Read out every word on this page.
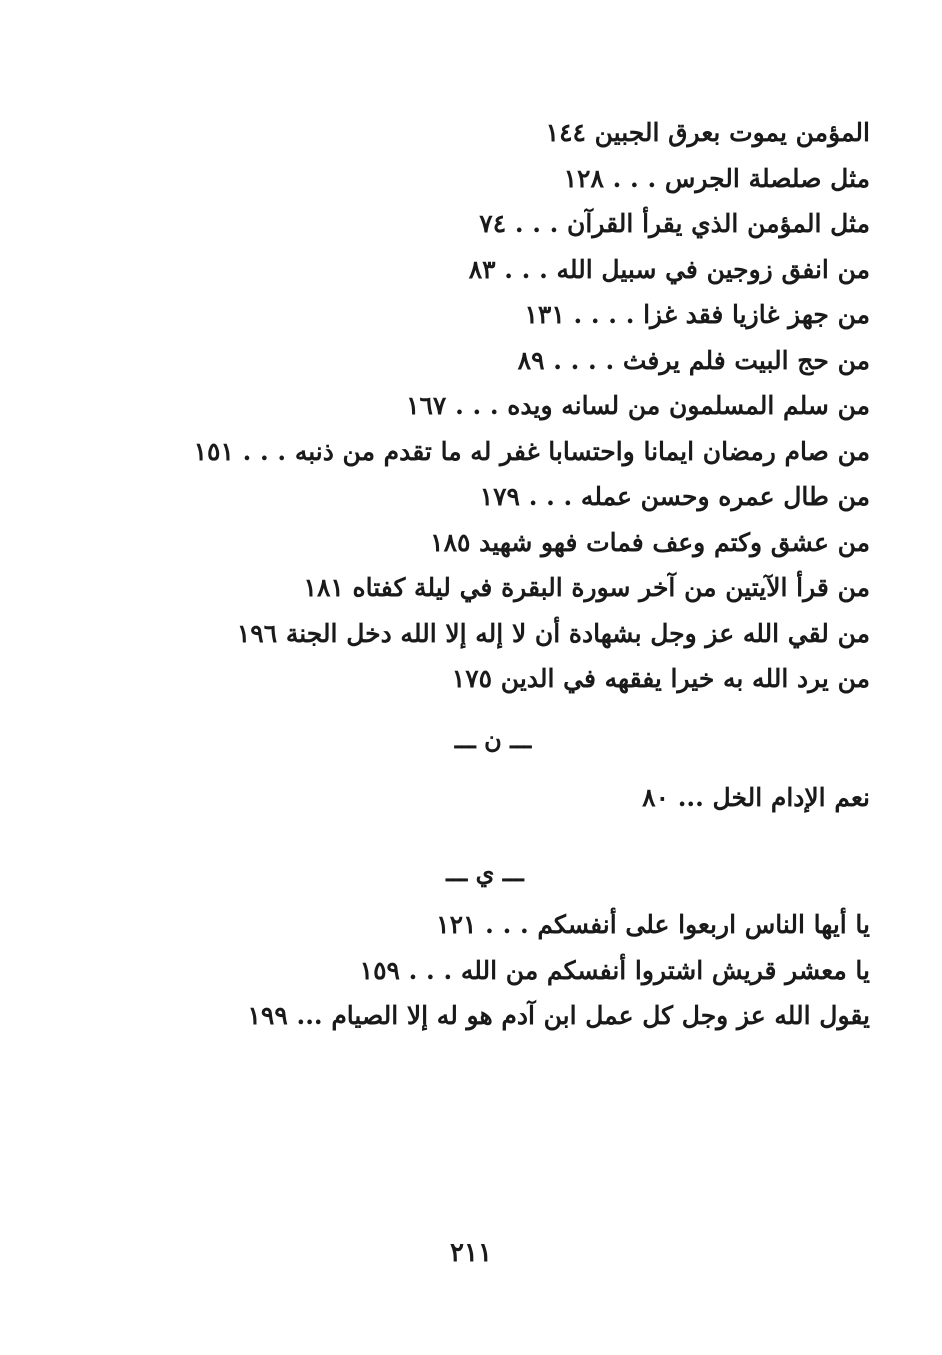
المؤمن يموت بعرق الجبين ١٤٤
مثل صلصلة الجرس . . . ١٢٨
مثل المؤمن الذي يقرأ القرآن . . . ٧٤
من انفق زوجين في سبيل الله . . . ٨٣
من جهز غازيا فقد غزا . . . . ١٣١
من حج البيت فلم يرفث . . . . ٨٩
من سلم المسلمون من لسانه ويده . . . ١٦٧
من صام رمضان ايمانا واحتسابا غفر له ما تقدم من ذنبه . . . ١٥١
من طال عمره وحسن عمله . . . ١٧٩
من عشق وكتم وعف فمات فهو شهيد ١٨٥
من قرأ الآيتين من آخر سورة البقرة في ليلة كفتاه ١٨١
من لقي الله عز وجل بشهادة أن لا إله إلا الله دخل الجنة ١٩٦
من يرد الله به خيرا يفقهه في الدين ١٧٥
ـــ ن ـــ
نعم الإدام الخل ... ٨٠
ـــ ي ـــ
يا أيها الناس اربعوا على أنفسكم . . . ١٢١
يا معشر قريش اشتروا أنفسكم من الله . . . ١٥٩
يقول الله عز وجل كل عمل ابن آدم هو له إلا الصيام ... ١٩٩
٢١١
